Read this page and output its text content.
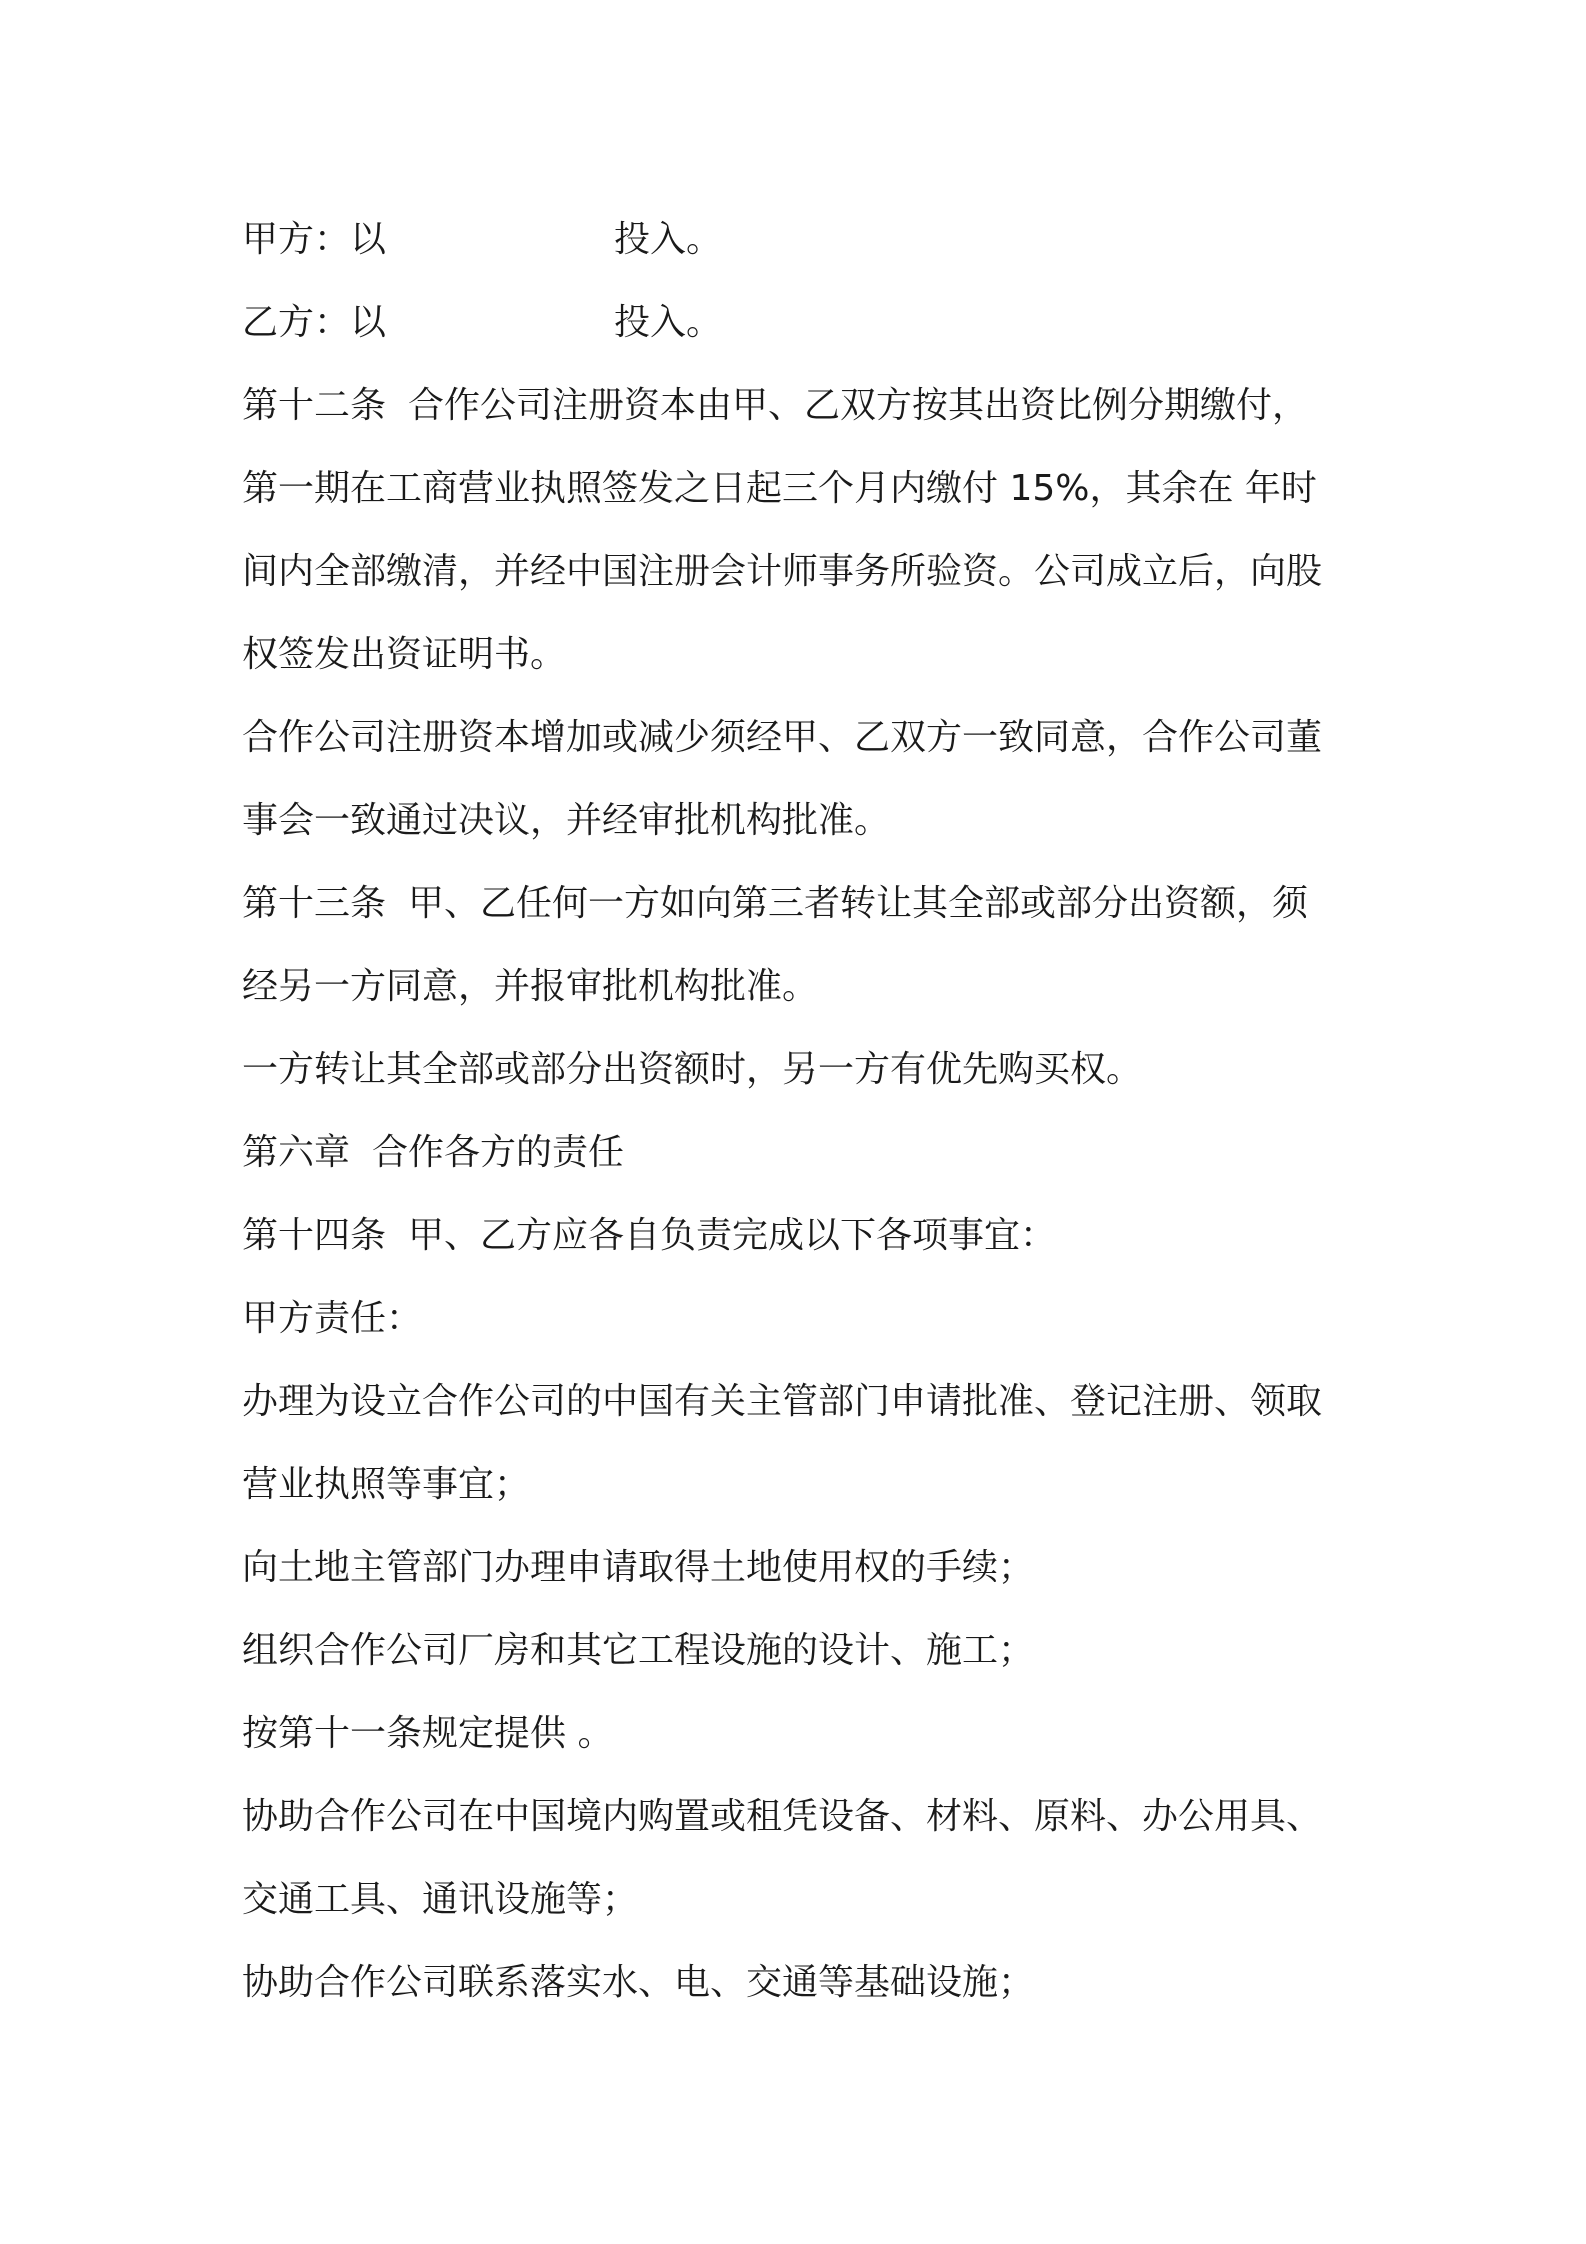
甲方：以	投入。
乙方：以	投入。
第十二条 合作公司注册资本由甲、乙双方按其出资比例分期缴付，
第一期在工商营业执照签发之日起三个月内缴付 15%，其余在 年时
间内全部缴清，并经中国注册会计师事务所验资。公司成立后，向股
权签发出资证明书。
合作公司注册资本增加或减少须经甲、乙双方一致同意，合作公司董
事会一致通过决议，并经审批机构批准。
第十三条 甲、乙任何一方如向第三者转让其全部或部分出资额，须
经另一方同意，并报审批机构批准。
一方转让其全部或部分出资额时，另一方有优先购买权。
第六章 合作各方的责任
第十四条 甲、乙方应各自负责完成以下各项事宜：
甲方责任：
办理为设立合作公司的中国有关主管部门申请批准、登记注册、领取
营业执照等事宜；
向土地主管部门办理申请取得土地使用权的手续；
组织合作公司厂房和其它工程设施的设计、施工；
按第十一条规定提供 。
协助合作公司在中国境内购置或租凭设备、材料、原料、办公用具、
交通工具、通讯设施等；
协助合作公司联系落实水、电、交通等基础设施；
